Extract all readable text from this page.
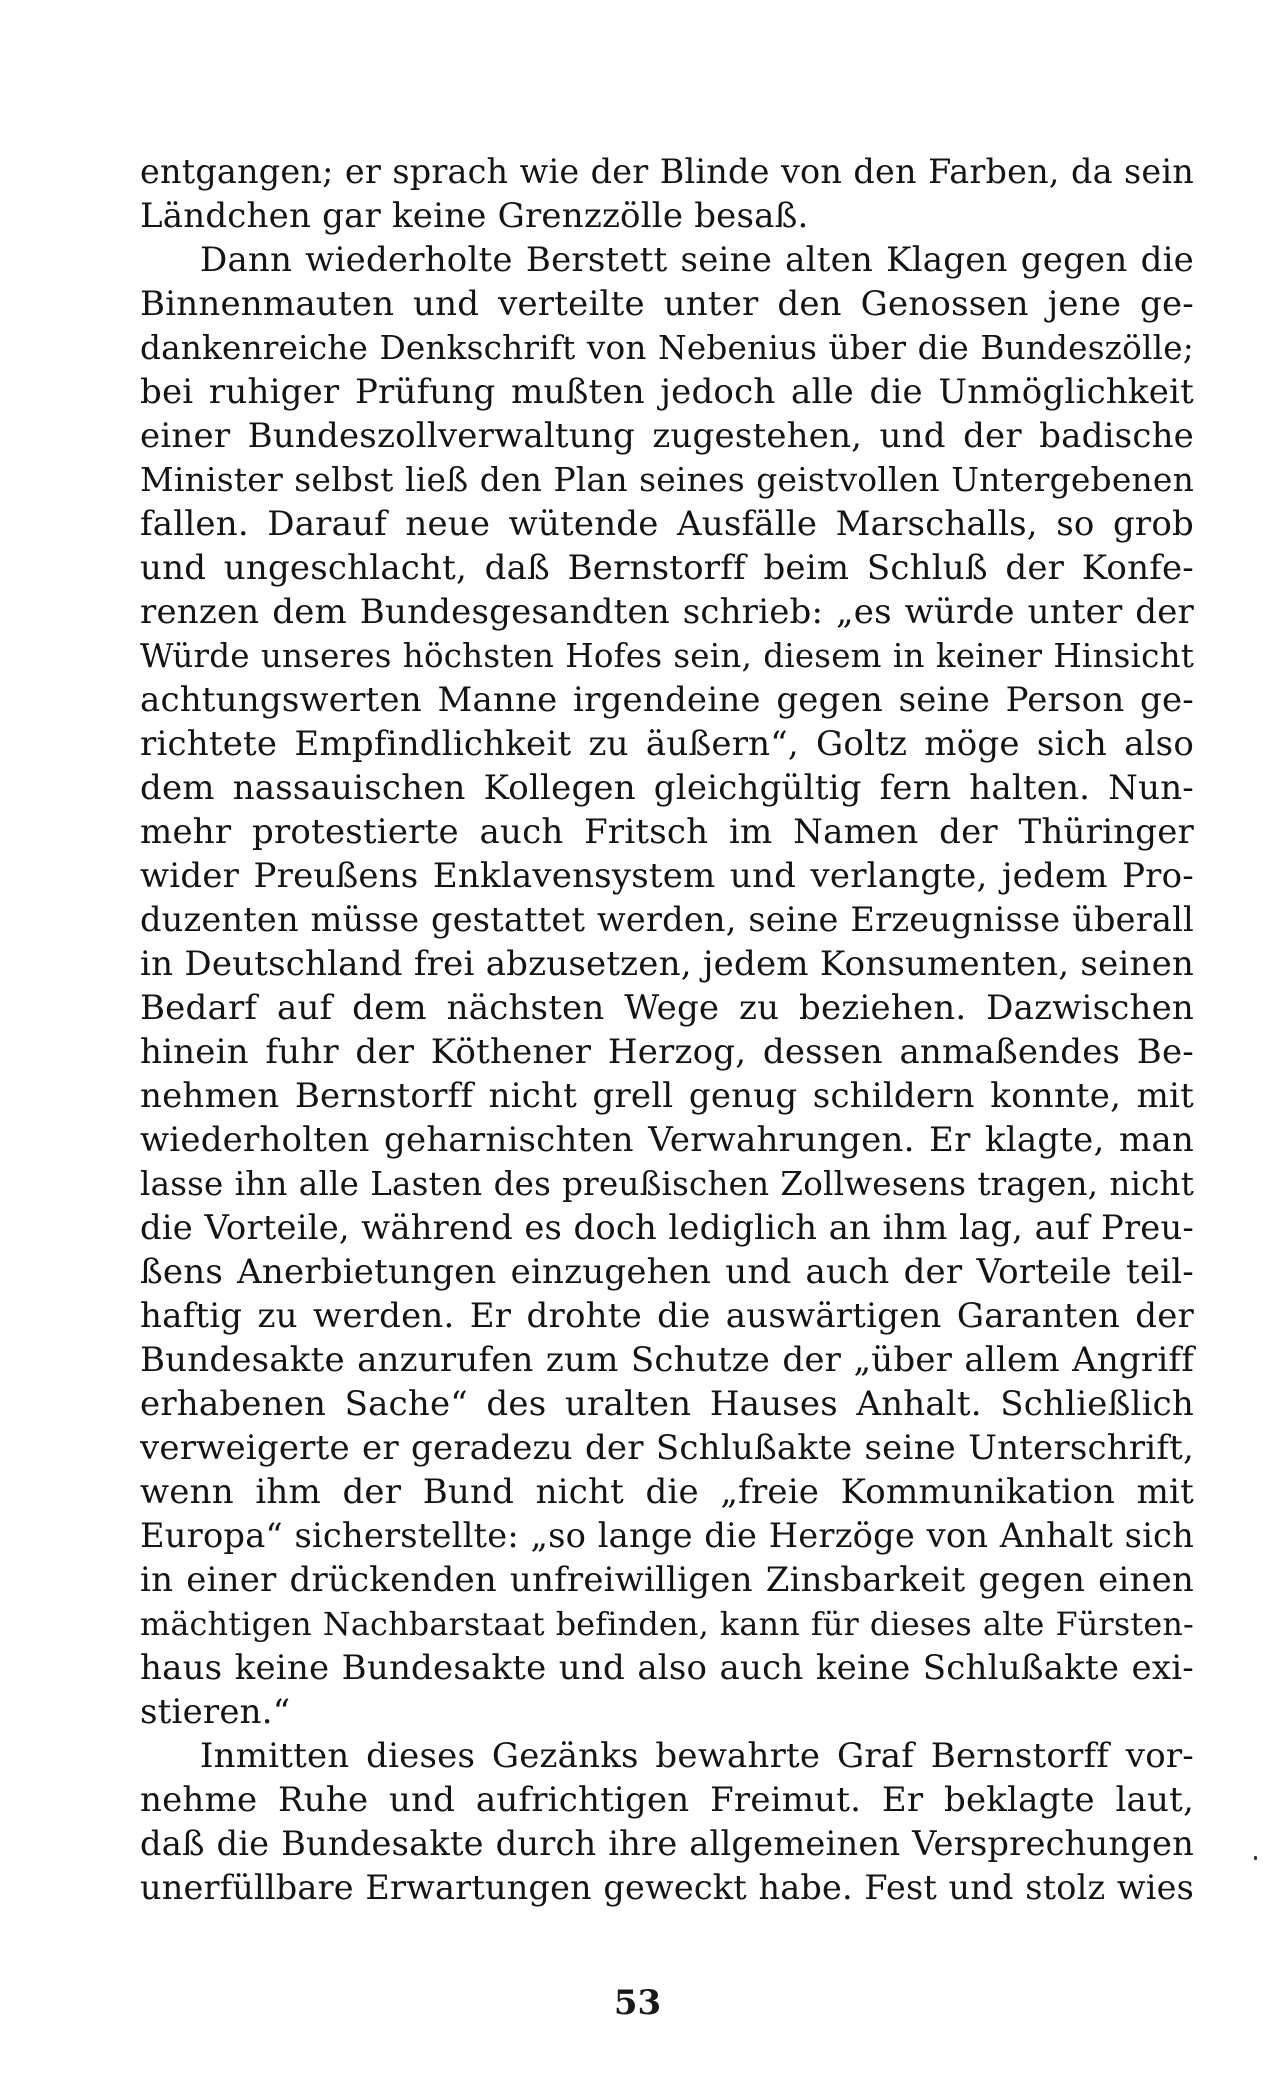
entgangen; er sprach wie der Blinde von den Farben, da sein
Ländchen gar keine Grenzzölle besaß.
Dann wiederholte Berstett seine alten Klagen gegen die
Binnenmauten und verteilte unter den Genossen jene ge-
dankenreiche Denkschrift von Nebenius über die Bundeszölle;
bei ruhiger Prüfung mußten jedoch alle die Unmöglichkeit
einer Bundeszollverwaltung zugestehen, und der badische
Minister selbst ließ den Plan seines geistvollen Untergebenen
fallen. Darauf neue wütende Ausfälle Marschalls, so grob
und ungeschlacht, daß Bernstorff beim Schluß der Konfe-
renzen dem Bundesgesandten schrieb: „es würde unter der
Würde unseres höchsten Hofes sein, diesem in keiner Hinsicht
achtungswerten Manne irgendeine gegen seine Person ge-
richtete Empfindlichkeit zu äußern“, Goltz möge sich also
dem nassauischen Kollegen gleichgültig fern halten. Nun-
mehr protestierte auch Fritsch im Namen der Thüringer
wider Preußens Enklavensystem und verlangte, jedem Pro-
duzenten müsse gestattet werden, seine Erzeugnisse überall
in Deutschland frei abzusetzen, jedem Konsumenten, seinen
Bedarf auf dem nächsten Wege zu beziehen. Dazwischen
hinein fuhr der Köthener Herzog, dessen anmaßendes Be-
nehmen Bernstorff nicht grell genug schildern konnte, mit
wiederholten geharnischten Verwahrungen. Er klagte, man
lasse ihn alle Lasten des preußischen Zollwesens tragen, nicht
die Vorteile, während es doch lediglich an ihm lag, auf Preu-
ßens Anerbietungen einzugehen und auch der Vorteile teil-
haftig zu werden. Er drohte die auswärtigen Garanten der
Bundesakte anzurufen zum Schutze der „über allem Angriff
erhabenen Sache“ des uralten Hauses Anhalt. Schließlich
verweigerte er geradezu der Schlußakte seine Unterschrift,
wenn ihm der Bund nicht die „freie Kommunikation mit
Europa“ sicherstellte: „so lange die Herzöge von Anhalt sich
in einer drückenden unfreiwilligen Zinsbarkeit gegen einen
mächtigen Nachbarstaat befinden, kann für dieses alte Fürsten-
haus keine Bundesakte und also auch keine Schlußakte exi-
stieren.“
Inmitten dieses Gezänks bewahrte Graf Bernstorff vor-
nehme Ruhe und aufrichtigen Freimut. Er beklagte laut,
daß die Bundesakte durch ihre allgemeinen Versprechungen
unerfüllbare Erwartungen geweckt habe. Fest und stolz wies
53
